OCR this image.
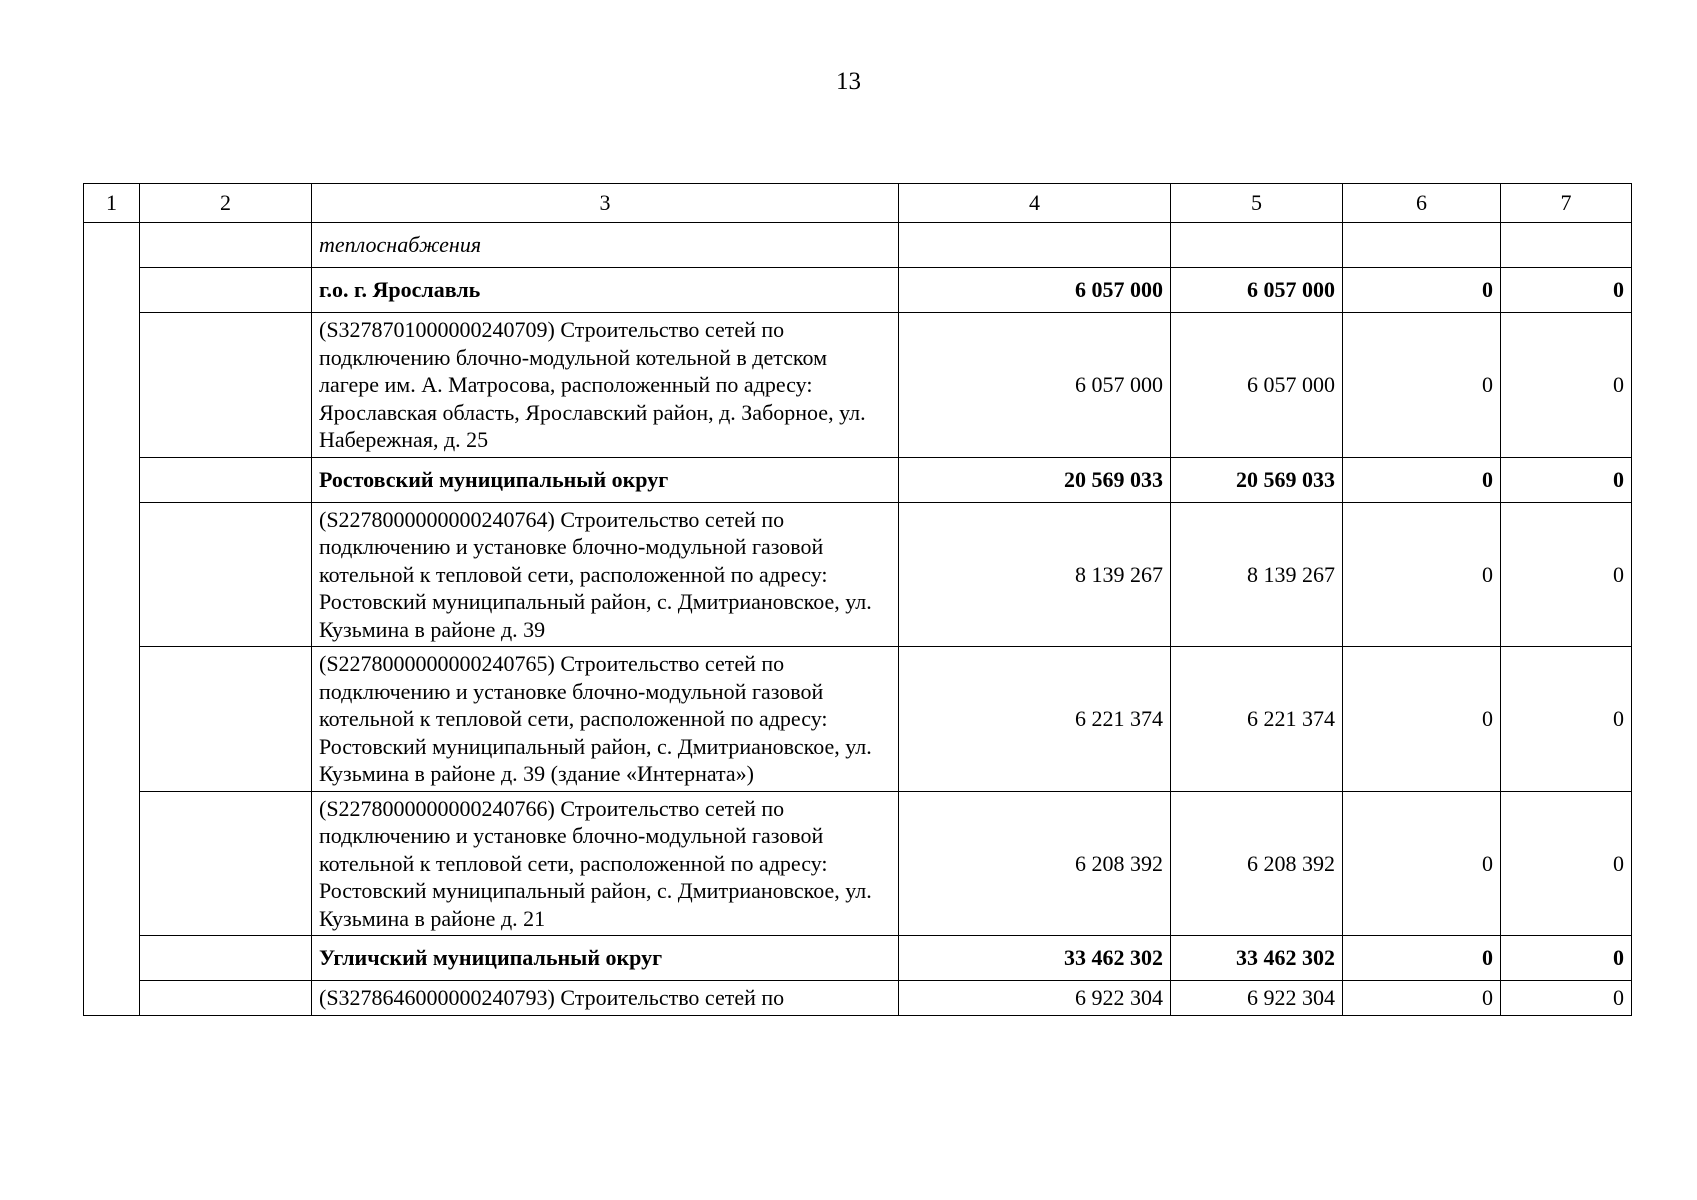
13
1	2	3	4	5	6	7
		теплоснабжения				
		г.о. г. Ярославль	6 057 000	6 057 000	0	0
		(S327870100000​0240709) Строительство сетей по подключению блочно-модульной котельной в детском лагере им. А. Матросова, расположенный по адресу: Ярославская область, Ярославский район, д. Заборное, ул. Набережная, д. 25	6 057 000	6 057 000	0	0
		Ростовский муниципальный округ	20 569 033	20 569 033	0	0
		(S2278000000000240764) Строительство сетей по подключению и установке блочно-модульной газовой котельной к тепловой сети, расположенной по адресу: Ростовский муниципальный район, с. Дмитриановское, ул. Кузьмина в районе д. 39	8 139 267	8 139 267	0	0
		(S2278000000000240765) Строительство сетей по подключению и установке блочно-модульной газовой котельной к тепловой сети, расположенной по адресу: Ростовский муниципальный район, с. Дмитриановское, ул. Кузьмина в районе д. 39 (здание «Интерната»)	6 221 374	6 221 374	0	0
		(S2278000000000240766) Строительство сетей по подключению и установке блочно-модульной газовой котельной к тепловой сети, расположенной по адресу: Ростовский муниципальный район, с. Дмитриановское, ул. Кузьмина в районе д. 21	6 208 392	6 208 392	0	0
		Угличский муниципальный округ	33 462 302	33 462 302	0	0
		(S3278646000000240793) Строительство сетей по	6 922 304	6 922 304	0	0
